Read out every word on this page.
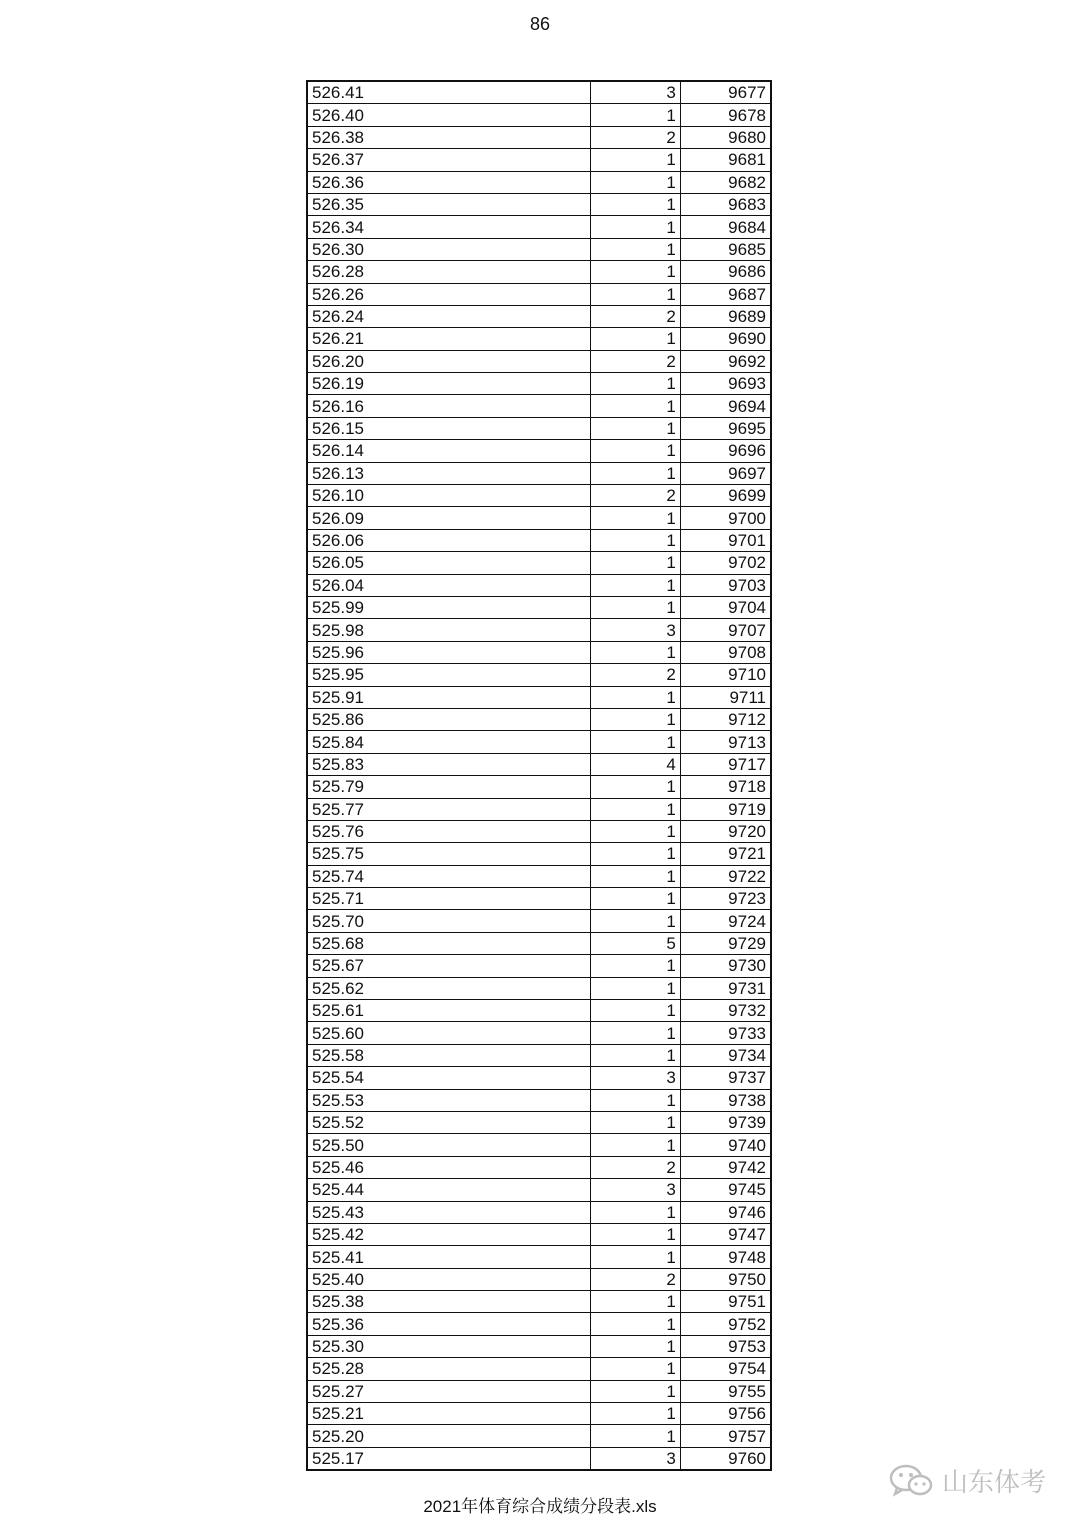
86
526.41	3	9677
526.40	1	9678
526.38	2	9680
526.37	1	9681
526.36	1	9682
526.35	1	9683
526.34	1	9684
526.30	1	9685
526.28	1	9686
526.26	1	9687
526.24	2	9689
526.21	1	9690
526.20	2	9692
526.19	1	9693
526.16	1	9694
526.15	1	9695
526.14	1	9696
526.13	1	9697
526.10	2	9699
526.09	1	9700
526.06	1	9701
526.05	1	9702
526.04	1	9703
525.99	1	9704
525.98	3	9707
525.96	1	9708
525.95	2	9710
525.91	1	9711
525.86	1	9712
525.84	1	9713
525.83	4	9717
525.79	1	9718
525.77	1	9719
525.76	1	9720
525.75	1	9721
525.74	1	9722
525.71	1	9723
525.70	1	9724
525.68	5	9729
525.67	1	9730
525.62	1	9731
525.61	1	9732
525.60	1	9733
525.58	1	9734
525.54	3	9737
525.53	1	9738
525.52	1	9739
525.50	1	9740
525.46	2	9742
525.44	3	9745
525.43	1	9746
525.42	1	9747
525.41	1	9748
525.40	2	9750
525.38	1	9751
525.36	1	9752
525.30	1	9753
525.28	1	9754
525.27	1	9755
525.21	1	9756
525.20	1	9757
525.17	3	9760
2021年体育综合成绩分段表.xls
山东体考
